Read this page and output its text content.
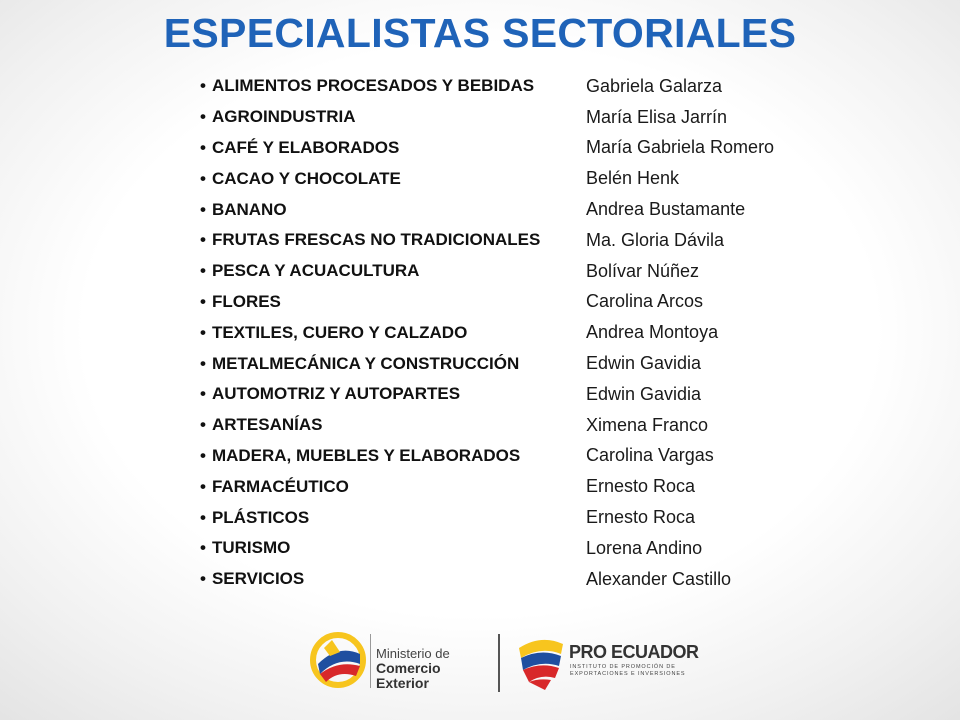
ESPECIALISTAS SECTORIALES
• ALIMENTOS PROCESADOS Y BEBIDAS	Gabriela Galarza
• AGROINDUSTRIA	María Elisa Jarrín
• CAFÉ Y ELABORADOS	María Gabriela Romero
• CACAO Y CHOCOLATE	Belén Henk
• BANANO	Andrea Bustamante
• FRUTAS FRESCAS NO TRADICIONALES	Ma. Gloria Dávila
• PESCA Y ACUACULTURA	Bolívar Núñez
• FLORES	Carolina Arcos
• TEXTILES, CUERO Y CALZADO	Andrea Montoya
• METALMECÁNICA Y CONSTRUCCIÓN	Edwin Gavidia
• AUTOMOTRIZ Y AUTOPARTES	Edwin Gavidia
• ARTESANÍAS	Ximena Franco
• MADERA, MUEBLES Y ELABORADOS	Carolina Vargas
• FARMACÉUTICO	Ernesto Roca
• PLÁSTICOS	Ernesto Roca
• TURISMO	Lorena Andino
• SERVICIOS	Alexander Castillo
Ministerio de
Comercio Exterior
PRO ECUADOR
INSTITUTO DE PROMOCIÓN DE
EXPORTACIONES E INVERSIONES
